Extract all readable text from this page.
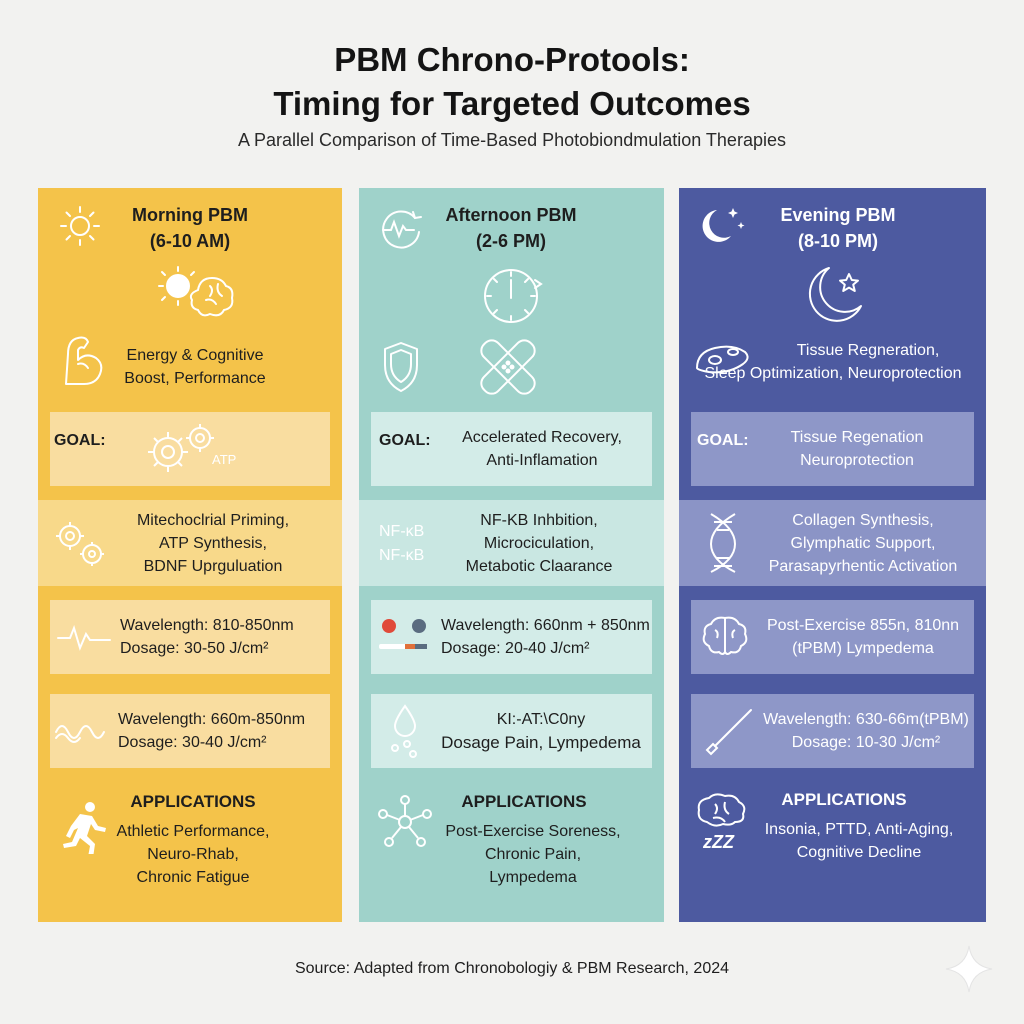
PBM Chrono-Protools:
Timing for Targeted Outcomes
A Parallel Comparison of Time-Based Photobiondmulation Therapies
Morning PBM
(6-10 AM)
Energy & Cognitive
Boost, Performance
GOAL:
ATP
Mitechoclrial Priming,
ATP Synthesis,
BDNF Uprguluation
Wavelength: 810-850nm
Dosage: 30-50 J/cm²
Wavelength: 660m-850nm
Dosage: 30-40 J/cm²
APPLICATIONS
Athletic Performance,
Neuro-Rhab,
Chronic Fatigue
Afternoon PBM
(2-6 PM)
GOAL:	Accelerated Recovery,
Anti-Inflamation
NF-κB
NF-κB
NF-KB Inhbition,
Microciculation,
Metabotic Claarance
Wavelength: 660nm + 850nm
Dosage: 20-40 J/cm²
KI:-AT:\C0ny
Dosage Pain, Lympedema
APPLICATIONS
Post-Exercise Soreness,
Chronic Pain,
Lympedema
Evening PBM
(8-10 PM)
Tissue Regneration,
Sleep Optimization, Neuroprotection
GOAL:	Tissue Regenation
Neuroprotection
Collagen Synthesis,
Glymphatic Support,
Parasapyrhentic Activation
Post-Exercise 855n, 810nn
(tPBM) Lympedema
Wavelength: 630-66m(tPBM)
Dosage: 10-30 J/cm²
zZZ
APPLICATIONS
Insonia, PTTD, Anti-Aging,
Cognitive Decline
Source: Adapted from Chronobologiy & PBM Research, 2024
